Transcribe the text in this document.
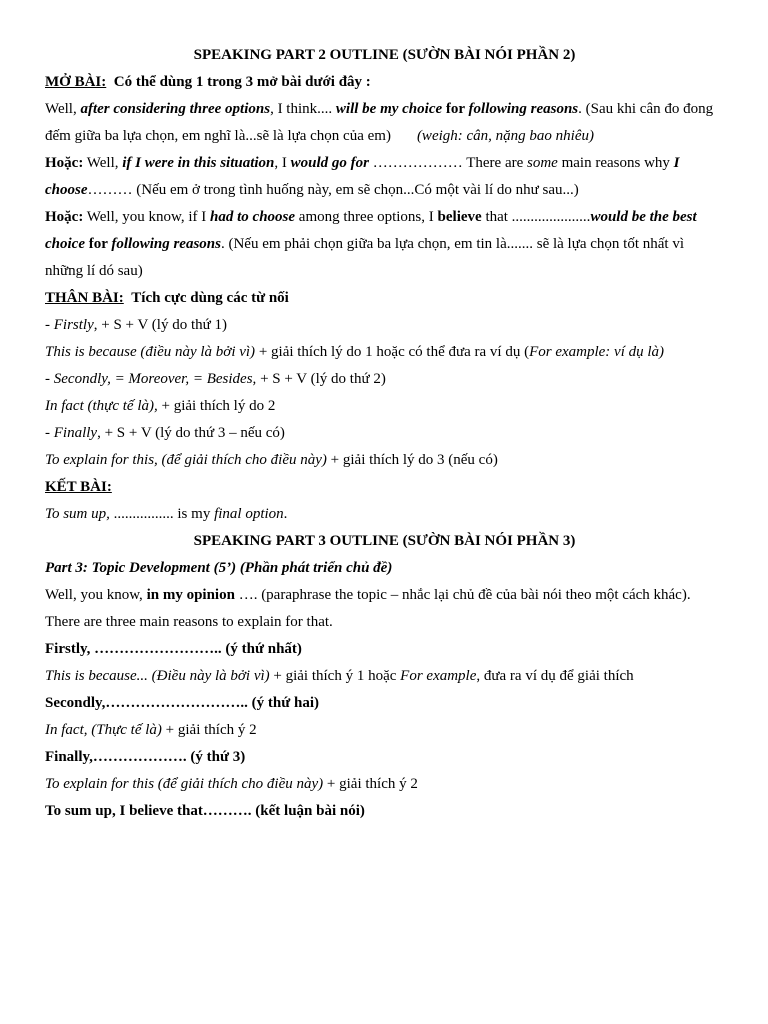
SPEAKING PART 2 OUTLINE (SƯỜN BÀI NÓI PHẦN 2)

MỞ BÀI: Có thể dùng 1 trong 3 mở bài dưới đây :

Well, after considering three options, I think.... will be my choice for following reasons. (Sau khi cân đo đong

đếm giữa ba lựa chọn, em nghĩ là...sẽ là lựa chọn của em) (weigh: cân, nặng bao nhiêu)

Hoặc: Well, if I were in this situation, I would go for ……………… There are some main reasons why I

choose……… (Nếu em ở trong tình huống này, em sẽ chọn...Có một vài lí do như sau...)

Hoặc: Well, you know, if I had to choose among three options, I believe that .....................would be the best

choice for following reasons. (Nếu em phải chọn giữa ba lựa chọn, em tin là....... sẽ là lựa chọn tốt nhất vì

những lí dó sau)

THÂN BÀI: Tích cực dùng các từ nối

- Firstly, + S + V (lý do thứ 1)

This is because (điều này là bởi vì) + giải thích lý do 1 hoặc có thể đưa ra ví dụ (For example: ví dụ là)

- Secondly, = Moreover, = Besides, + S + V (lý do thứ 2)

In fact (thực tế là), + giải thích lý do 2

- Finally, + S + V (lý do thứ 3 – nếu có)

To explain for this, (để giải thích cho điều này) + giải thích lý do 3 (nếu có)

KẾT BÀI:

To sum up, ................ is my final option.

SPEAKING PART 3 OUTLINE (SƯỜN BÀI NÓI PHẦN 3)

Part 3: Topic Development (5’) (Phần phát triển chủ đề)

Well, you know, in my opinion …. (paraphrase the topic – nhắc lại chủ đề của bài nói theo một cách khác).

There are three main reasons to explain for that.

Firstly, …………………….. (ý thứ nhất)

This is because... (Điều này là bởi vì) + giải thích ý 1 hoặc For example, đưa ra ví dụ để giải thích

Secondly,……………………….. (ý thứ hai)

In fact, (Thực tế là) + giải thích ý 2

Finally,………………. (ý thứ 3)

To explain for this (để giải thích cho điều này) + giải thích ý 2

To sum up, I believe that………. (kết luận bài nói)
